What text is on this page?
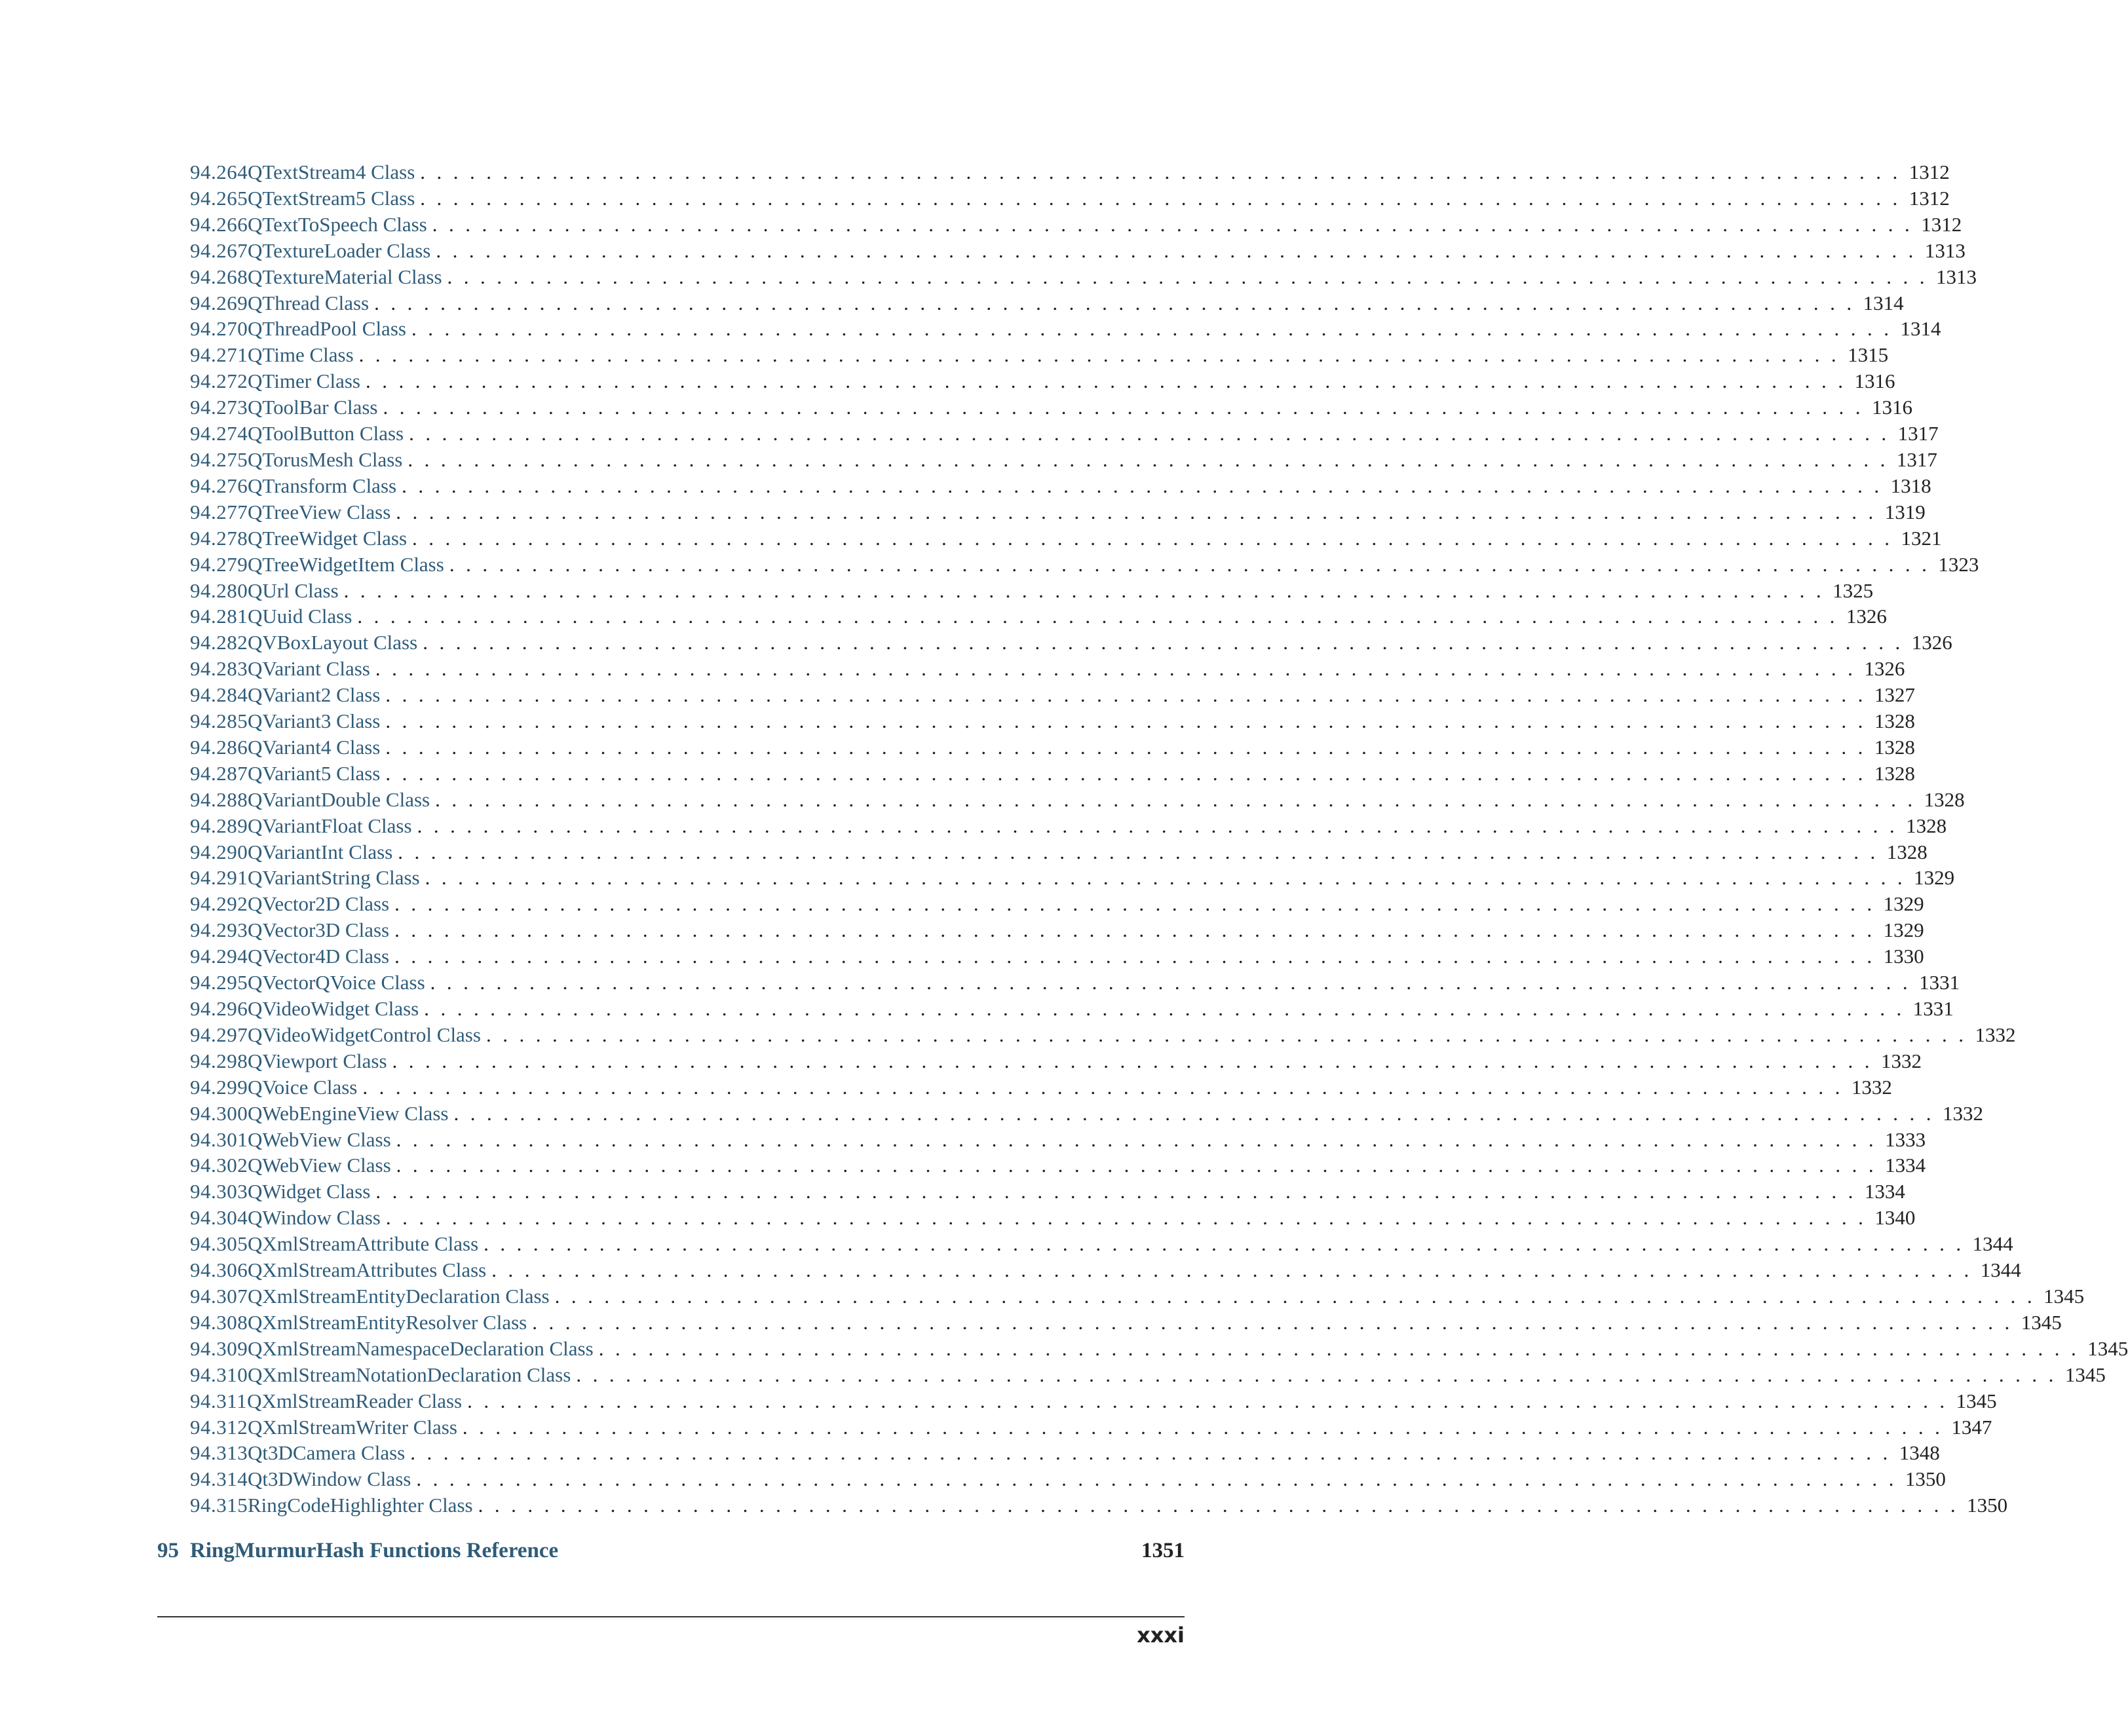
94.264 QTextStream4 Class .......................................................................................... 1312
94.265 QTextStream5 Class .......................................................................................... 1312
94.266 QTextToSpeech Class .......................................................................................... 1312
94.267 QTextureLoader Class .......................................................................................... 1313
94.268 QTextureMaterial Class .......................................................................................... 1313
94.269 QThread Class .......................................................................................... 1314
94.270 QThreadPool Class .......................................................................................... 1314
94.271 QTime Class .......................................................................................... 1315
94.272 QTimer Class .......................................................................................... 1316
94.273 QToolBar Class .......................................................................................... 1316
94.274 QToolButton Class .......................................................................................... 1317
94.275 QTorusMesh Class .......................................................................................... 1317
94.276 QTransform Class .......................................................................................... 1318
94.277 QTreeView Class .......................................................................................... 1319
94.278 QTreeWidget Class .......................................................................................... 1321
94.279 QTreeWidgetItem Class .......................................................................................... 1323
94.280 QUrl Class .......................................................................................... 1325
94.281 QUuid Class .......................................................................................... 1326
94.282 QVBoxLayout Class .......................................................................................... 1326
94.283 QVariant Class .......................................................................................... 1326
94.284 QVariant2 Class .......................................................................................... 1327
94.285 QVariant3 Class .......................................................................................... 1328
94.286 QVariant4 Class .......................................................................................... 1328
94.287 QVariant5 Class .......................................................................................... 1328
94.288 QVariantDouble Class .......................................................................................... 1328
94.289 QVariantFloat Class .......................................................................................... 1328
94.290 QVariantInt Class .......................................................................................... 1328
94.291 QVariantString Class .......................................................................................... 1329
94.292 QVector2D Class .......................................................................................... 1329
94.293 QVector3D Class .......................................................................................... 1329
94.294 QVector4D Class .......................................................................................... 1330
94.295 QVectorQVoice Class .......................................................................................... 1331
94.296 QVideoWidget Class .......................................................................................... 1331
94.297 QVideoWidgetControl Class .......................................................................................... 1332
94.298 QViewport Class .......................................................................................... 1332
94.299 QVoice Class .......................................................................................... 1332
94.300 QWebEngineView Class .......................................................................................... 1332
94.301 QWebView Class .......................................................................................... 1333
94.302 QWebView Class .......................................................................................... 1334
94.303 QWidget Class .......................................................................................... 1334
94.304 QWindow Class .......................................................................................... 1340
94.305 QXmlStreamAttribute Class .......................................................................................... 1344
94.306 QXmlStreamAttributes Class .......................................................................................... 1344
94.307 QXmlStreamEntityDeclaration Class .......................................................................................... 1345
94.308 QXmlStreamEntityResolver Class .......................................................................................... 1345
94.309 QXmlStreamNamespaceDeclaration Class .......................................................................................... 1345
94.310 QXmlStreamNotationDeclaration Class .......................................................................................... 1345
94.311 QXmlStreamReader Class .......................................................................................... 1345
94.312 QXmlStreamWriter Class .......................................................................................... 1347
94.313 Qt3DCamera Class .......................................................................................... 1348
94.314 Qt3DWindow Class .......................................................................................... 1350
94.315 RingCodeHighlighter Class .......................................................................................... 1350
95 RingMurmurHash Functions Reference	1351
xxxi
